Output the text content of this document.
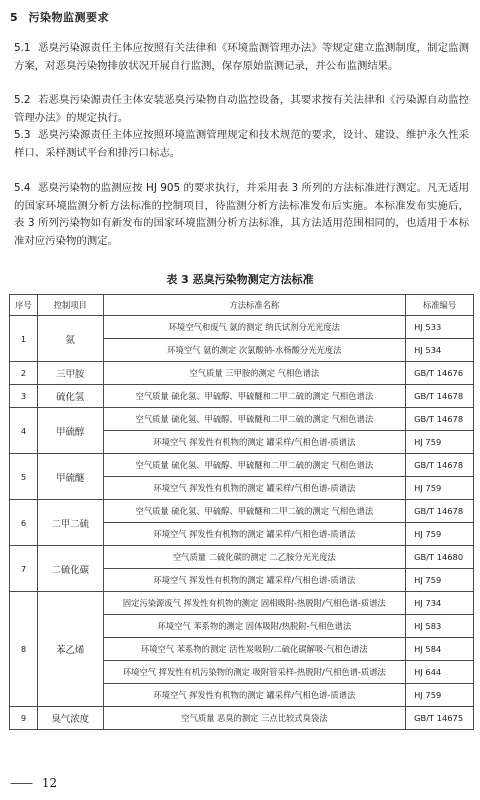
5 污染物监测要求
5.1 恶臭污染源责任主体应按照有关法律和《环境监测管理办法》等规定建立监测制度，制定监测方案，对恶臭污染物排放状况开展自行监测，保存原始监测记录，并公布监测结果。
5.2 若恶臭污染源责任主体安装恶臭污染物自动监控设备，其要求按有关法律和《污染源自动监控管理办法》的规定执行。
5.3 恶臭污染源责任主体应按照环境监测管理规定和技术规范的要求，设计、建设、维护永久性采样口、采样测试平台和排污口标志。
5.4 恶臭污染物的监测应按 HJ 905 的要求执行，并采用表 3 所列的方法标准进行测定。凡无适用的国家环境监测分析方法标准的控制项目，待监测分析方法标准发布后实施。本标准发布实施后，表 3 所列污染物如有新发布的国家环境监测分析方法标准，其方法适用范围相同的，也适用于本标准对应污染物的测定。
表 3 恶臭污染物测定方法标准
序号	控制项目	方法标准名称	标准编号
1	氨	环境空气和废气 氨的测定 纳氏试剂分光光度法	HJ 533
		环境空气 氨的测定 次氯酸钠-水杨酸分光光度法	HJ 534
2	三甲胺	空气质量 三甲胺的测定 气相色谱法	GB/T 14676
3	硫化氢	空气质量 硫化氢、甲硫醇、甲硫醚和二甲二硫的测定 气相色谱法	GB/T 14678
4	甲硫醇	空气质量 硫化氢、甲硫醇、甲硫醚和二甲二硫的测定 气相色谱法	GB/T 14678
		环境空气 挥发性有机物的测定 罐采样/气相色谱-质谱法	HJ 759
5	甲硫醚	空气质量 硫化氢、甲硫醇、甲硫醚和二甲二硫的测定 气相色谱法	GB/T 14678
		环境空气 挥发性有机物的测定 罐采样/气相色谱-质谱法	HJ 759
6	二甲二硫	空气质量 硫化氢、甲硫醇、甲硫醚和二甲二硫的测定 气相色谱法	GB/T 14678
		环境空气 挥发性有机物的测定 罐采样/气相色谱-质谱法	HJ 759
7	二硫化碳	空气质量 二硫化碳的测定 二乙胺分光光度法	GB/T 14680
		环境空气 挥发性有机物的测定 罐采样/气相色谱-质谱法	HJ 759
8	苯乙烯	固定污染源废气 挥发性有机物的测定 固相吸附-热脱附/气相色谱-质谱法	HJ 734
		环境空气 苯系物的测定 固体吸附/热脱附-气相色谱法	HJ 583
		环境空气 苯系物的测定 活性炭吸附/二硫化碳解吸-气相色谱法	HJ 584
		环境空气 挥发性有机污染物的测定 吸附管采样-热脱附/气相色谱-质谱法	HJ 644
		环境空气 挥发性有机物的测定 罐采样/气相色谱-质谱法	HJ 759
9	臭气浓度	空气质量 恶臭的测定 三点比较式臭袋法	GB/T 14675
—— 12
